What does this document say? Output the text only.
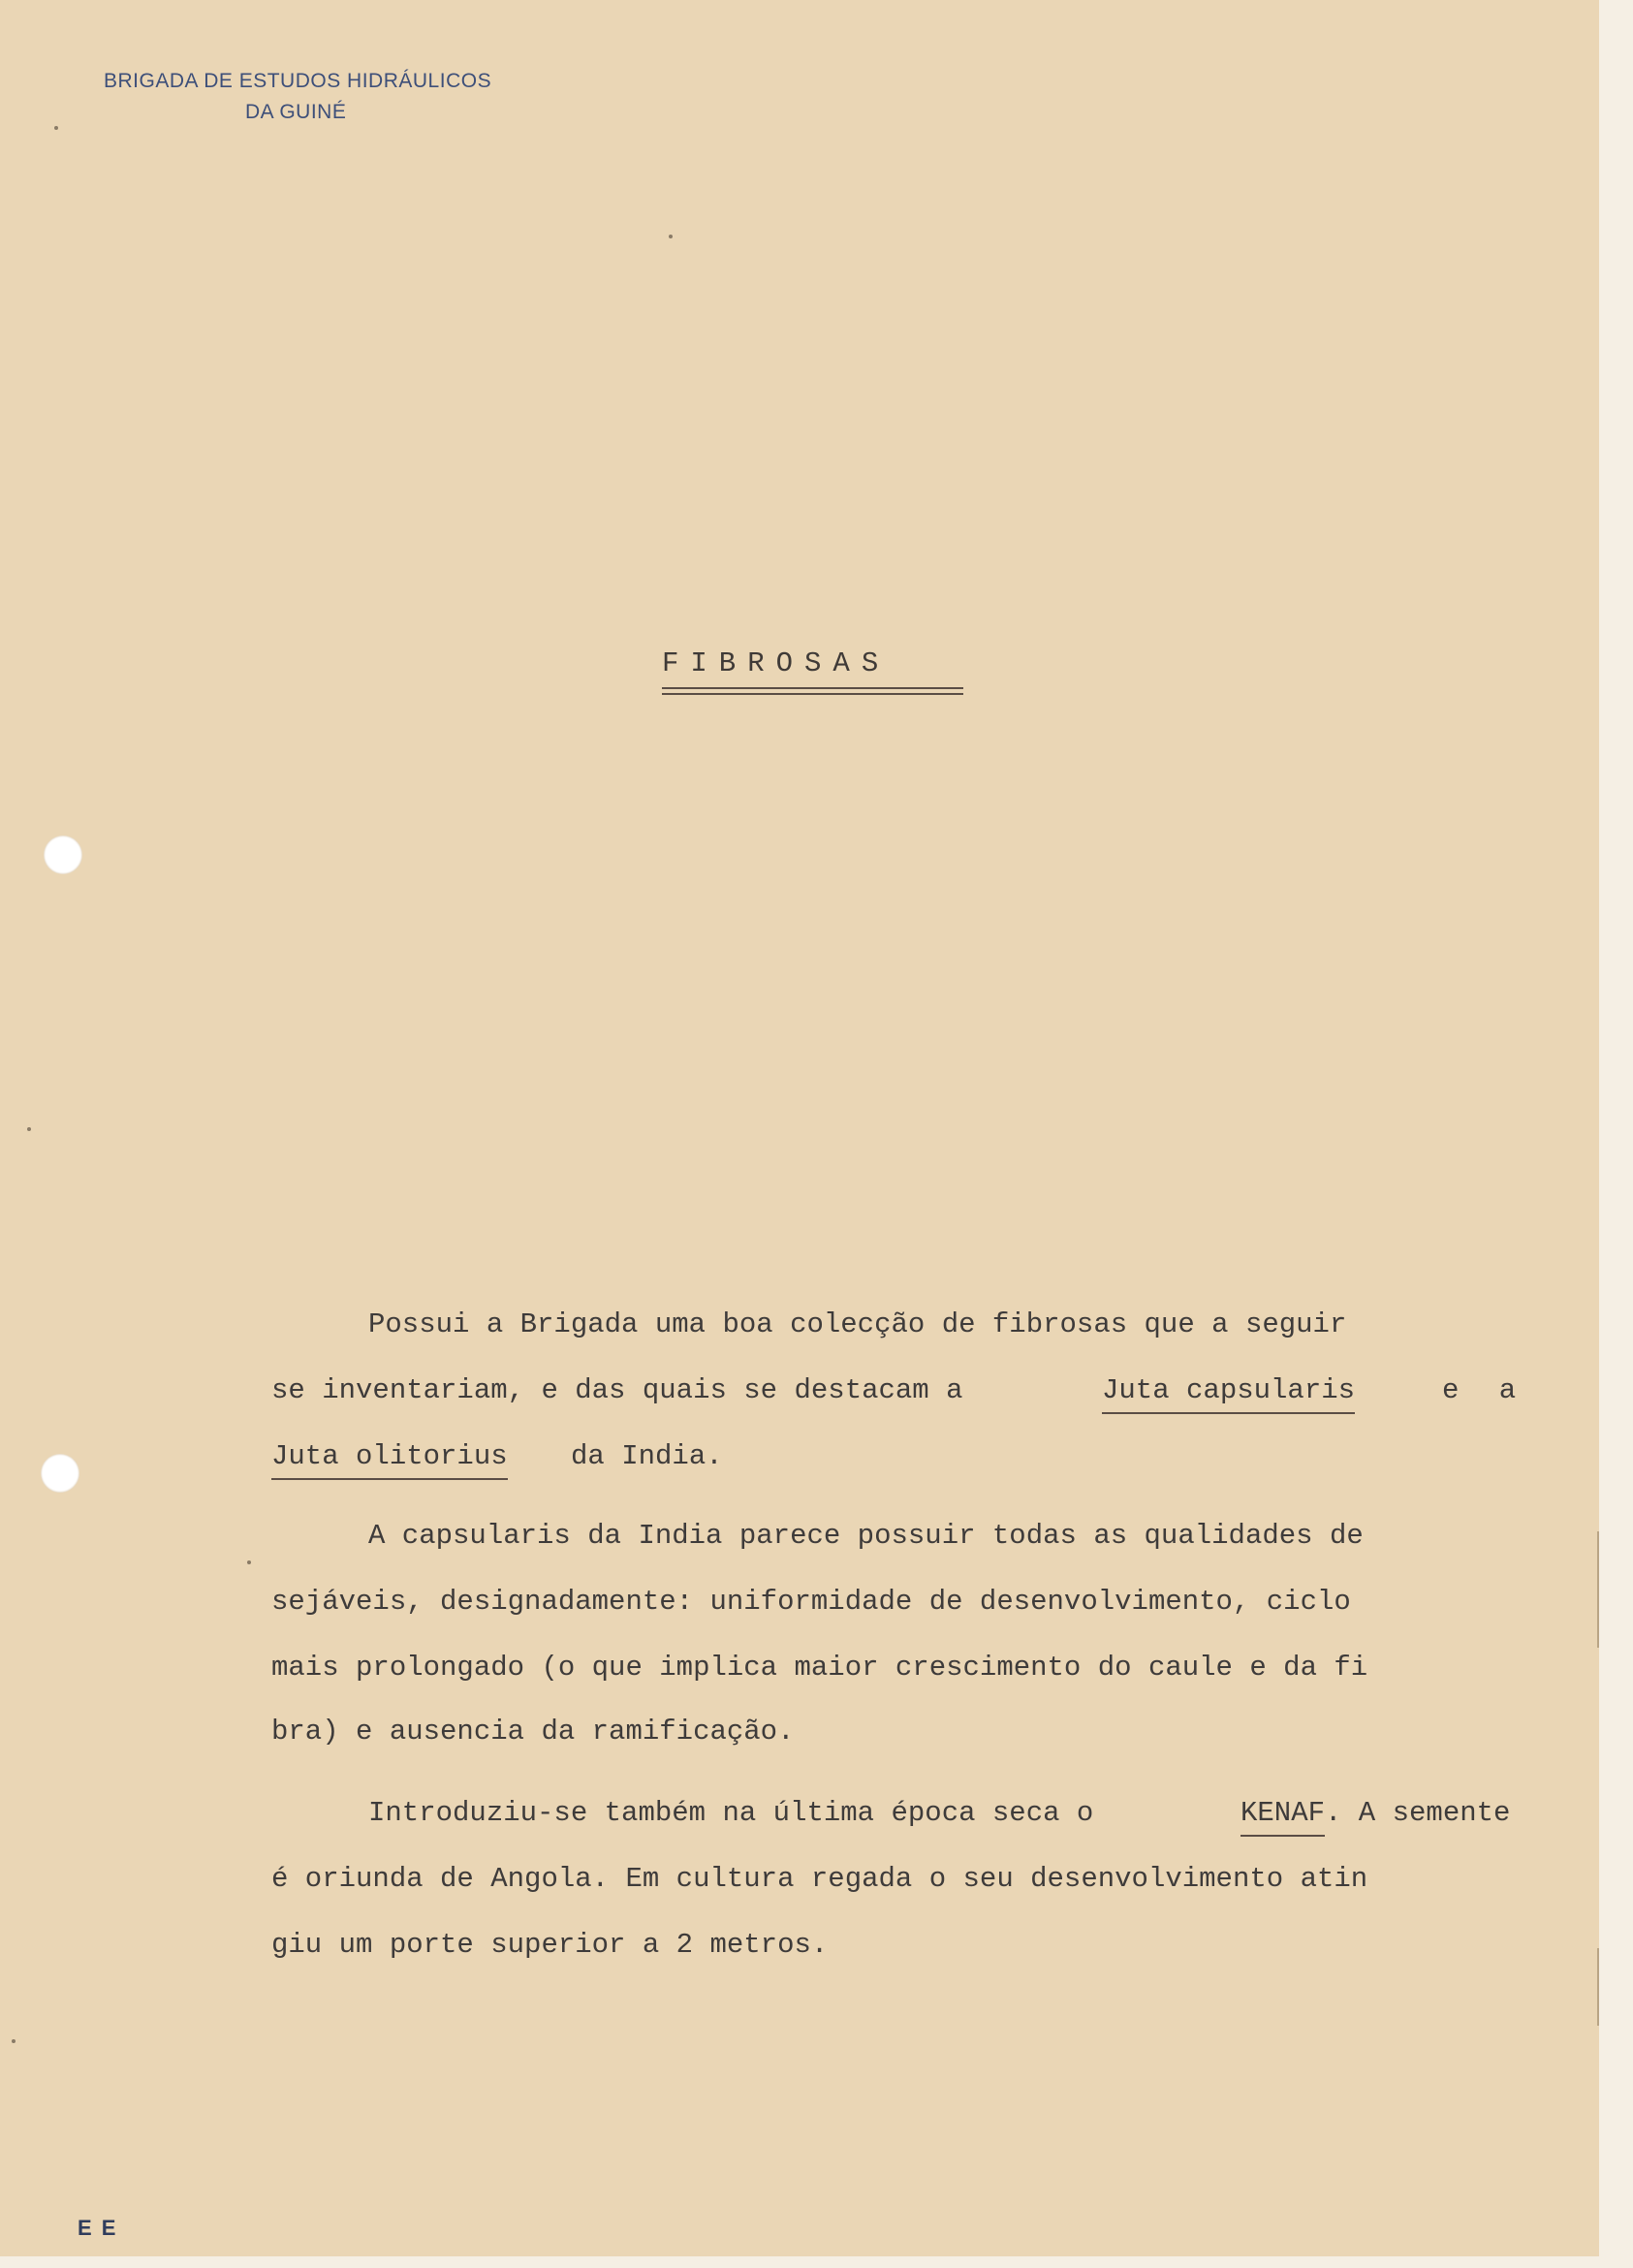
BRIGADA DE ESTUDOS HIDRÁULICOS
DA GUINÉ
FIBROSAS
Possui a Brigada uma boa colecção de fibrosas que a seguir
se inventariam, e das quais se destacam a	Juta capsularis	e a
Juta olitorius da India.
A capsularis da India parece possuir todas as qualidades de
sejáveis, designadamente: uniformidade de desenvolvimento, ciclo
mais prolongado (o que implica maior crescimento do caule e da fi
bra) e ausencia da ramificação.
Introduziu-se também na última época seca o	KENAF . A semente
é oriunda de Angola. Em cultura regada o seu desenvolvimento atin
giu um porte superior a 2 metros.
E E
